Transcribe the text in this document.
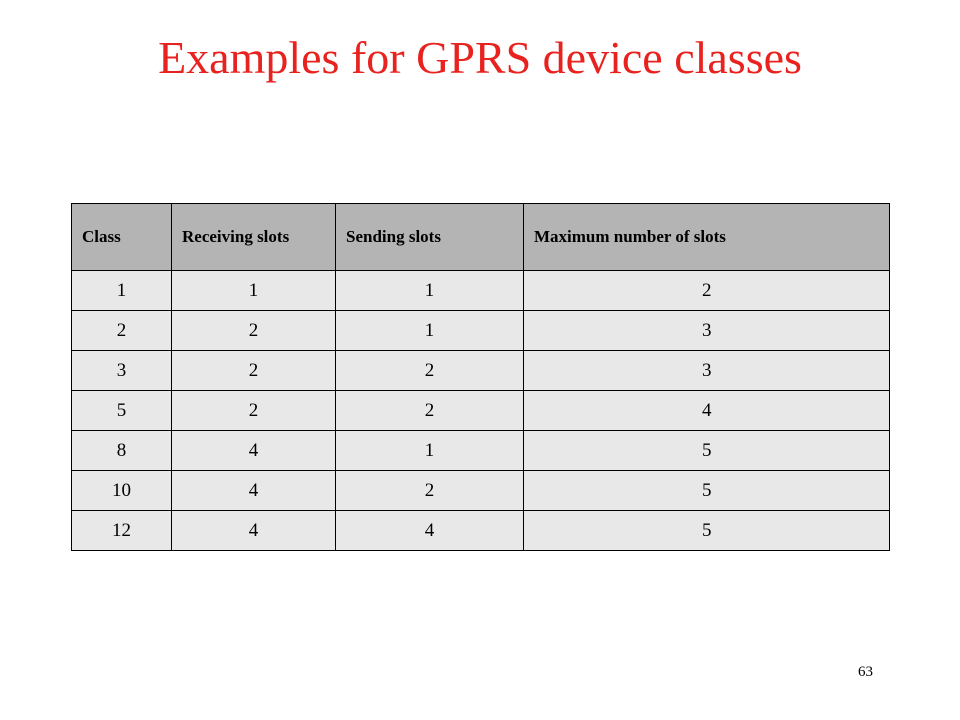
Examples for GPRS device classes
Class	Receiving slots	Sending slots	Maximum number of slots
1	1	1	2
2	2	1	3
3	2	2	3
5	2	2	4
8	4	1	5
10	4	2	5
12	4	4	5
63
